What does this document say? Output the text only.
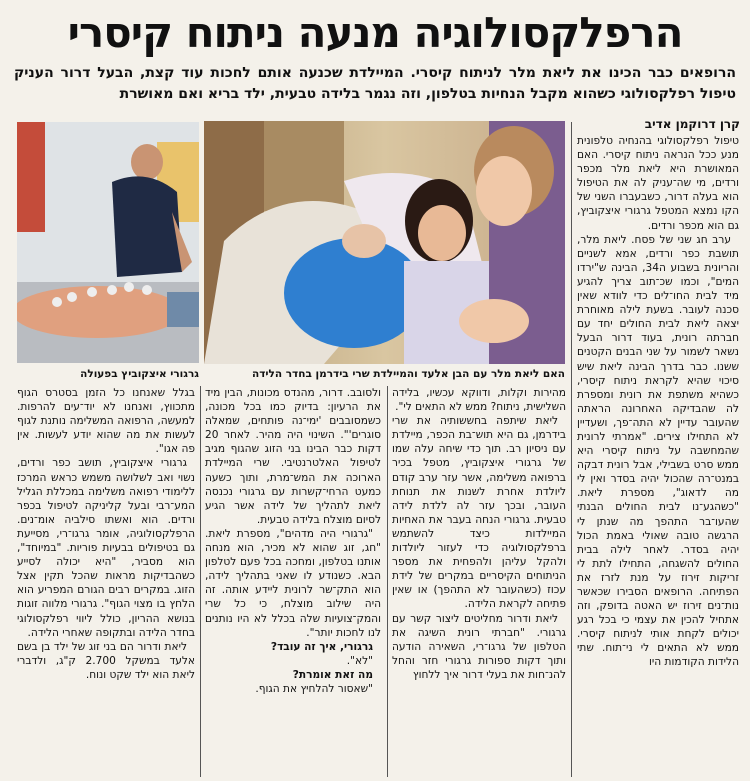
הרפלקסולוגיה מנעה ניתוח קיסרי
הרופאים כבר הכינו את ליאת מלר לניתוח קיסרי. המיילדת שכנעה אותם לחכות עוד קצת, הבעל דרור העניק טיפול רפלקסולוגי כשהוא מקבל הנחיות בטלפון, וזה נגמר בלידה טבעית, ילד בריא ואם מאושרת
קרן דרוקמן אדיב

טיפול רפלקסולוגי בהנחיה טלפונית מנע ככל הנראה ניתוח קיסרי. האם המאושרת היא ליאת מלר מכפר ורדים, מי שה־עניק לה את הטיפול הוא בעלה דרור, כשבעברו השני של הקו נמצא המטפל גרגורי איצקוביץ, גם הוא מכפר ורדים.

ערב חג שני של פסח. ליאת מלר, תושבת כפר ורדים, אמא לשניים והריונית בשבוע ה34, הבינה ש"ירדו המים", וכמו שכ־תוב צריך להגיע מיד לבית החו־לים כדי לוודא שאין סכנה לעובר. בשעת לילה מאוחרת יצאה ליאת לבית החולים יחד עם חברתה רונית, בעוד דרור הבעל נשאר לשמור על שני הבנים הקטנים ששנו. כבר בדרך הבינה ליאת שיש סיכוי שהיא לקראת ניתוח קיסרי, כשהיא משתפת את רונית ומספרת לה שהבדיקה האחרונה הראתה שהעובר עדיין לא התה־פך, ושעדיין לא התחילו צירים. "אמרתי לרונית שהמחשבה על ניתוח קיסרי היא ממש סרט בשבילי, אבל רונית דבקה במנט־רה שהכול יהיה בסדר ואין לי מה לדאוג", מספרת ליאת. "כשהגע־נו לבית החולים הבנתי שהעו־בר התהפך מה שנתן לי הרגשה טובה שאולי באמת הכול יהיה בסדר. לאחר לילה בבית החולים להשגחה, התחילו לתת לי זריקות זירוז על מנת לזרז את הפתיחה. הרופאים הסבירו שכאשר נות־נים זירוז יש האטה בדופק, וזה אתחיל להכין את עצמי כי בכל רגע יכולים לקחת אותי לניתוח קיסרי. ממש לא התאים לי ני־תוח. שתי הלידות הקודמות היו

האם ליאת מלר עם הבן אלעד והמיילדת שרי בידרמן בחדר הלידה
גרגורי איצקוביץ בפעולה

מהירות וקלות, ודווקא עכשיו, בלידה השלישית, ניתוח? ממש לא התאים לי".

ליאת שיתפה בחששותיה את שרי בידרמן, גם היא תוש־בת הכפר, מיילדת עם ניסיון רב. תוך כדי שיחה עלה שמו של גרגורי איצקוביץ, מטפל בכיר ברפואה משלימה, אשר עזר ערב קודם ליולדת אחרת לשנות את תנוחת העובר, ובכך עזר לה ללדת לידה טבעית. גרגורי הנחה בעבר את האחיות המיילדות כיצד להשתמש ברפלקסולוגיה כדי לעזור ליולדות ולהקל עליהן ולהפחית את מספר הניתוחים הקיסריים במקרים של לידת עכוז (כשהעובר לא התהפך) או שאין פתיחה לקראת הלידה.

ליאת ודרור מחליטים ליצור קשר עם גרגורי. "חברתי רונית השיגה את הטלפון של גרגו־רי, השאירה הודעה ותוך דקות ספורות גרגורי חזר והחל להנ־חות את בעלי דרור איך ללחוץ

ולסובב. דרור, מהנדס מכונות, הבין מיד את הרעיון: בדיוק כמו בכל מכונה, כשמסובבים 'ימי־נה פותחים, שמאלה סוגרים'". השינוי היה מהיר. לאחר 20 דקות כבר הבינו בני הזוג שהגוף מגיב לטיפול האלטרנטיבי. שרי המיילדת הארוכה את המש־מרת, ותוך כשעה כמעט הרחי־קשרות עם גרגורי נכנסה ליאת לתהליך של לידה אשר הגיע לסיום מוצלח בלידה טבעית.

"גרגורי היה מדהים", מספרת ליאת. "חג, זוג שהוא לא מכיר, הוא מנחה אותנו בטלפון, ומחכה בכל פעם לטלפון הבא. כשנודע לו שאני בתהליך לידה, הוא התק־שר לרונית ליידע אותה. זה היה שילוב מוצלח, כי כל שרי והמק־צועיות שלה בכלל לא היו נותנים לנו לחכות יותר".

גרגורי, איך זה עובד?

"לא".

מה זאת אומרת?

"שאסור להלחיץ את הגוף.

בגלל שאנחנו כל הזמן בסטרס הגוף מתכווץ, ואנחנו לא יוד־עים להרפות. למעשה, הרפואה המשלימה נותנת לגוף לעשות את מה שהוא יודע לעשות. אין פה אגו".

גרגורי איצקוביץ, תושב כפר ורדים, נשוי ואב לשלושה משמש כראש המרכז ללימודי רפואה משלימה במכללת הגליל המע־רבי ובעל קליניקה לטיפול בכפר ורדים. הוא ואשתו סילביה אומ־נים. הרפלקסולוגיה, אומר גרגו־רי, מסייעת גם בטיפולים בבעיות פוריות. "במיוחד", הוא מסביר, "היא יכולה לסייע כשהבדיקות מראות שהכל תקין אצל הזוג. במקרים רבים הגורם המפריע הוא הלחץ בו מצוי הגוף". גרגורי מלווה זוגות בנושא ההריון, כולל ליווי רפלקסולוגי בחדר הלידה ובתקופה שאחרי הלידה.

ליאת ודרור הם בני זוג של ילד בן בשם אלעד במשקל 2.700 ק"ג, ולדברי ליאת הוא ילד שקט ונוח.
